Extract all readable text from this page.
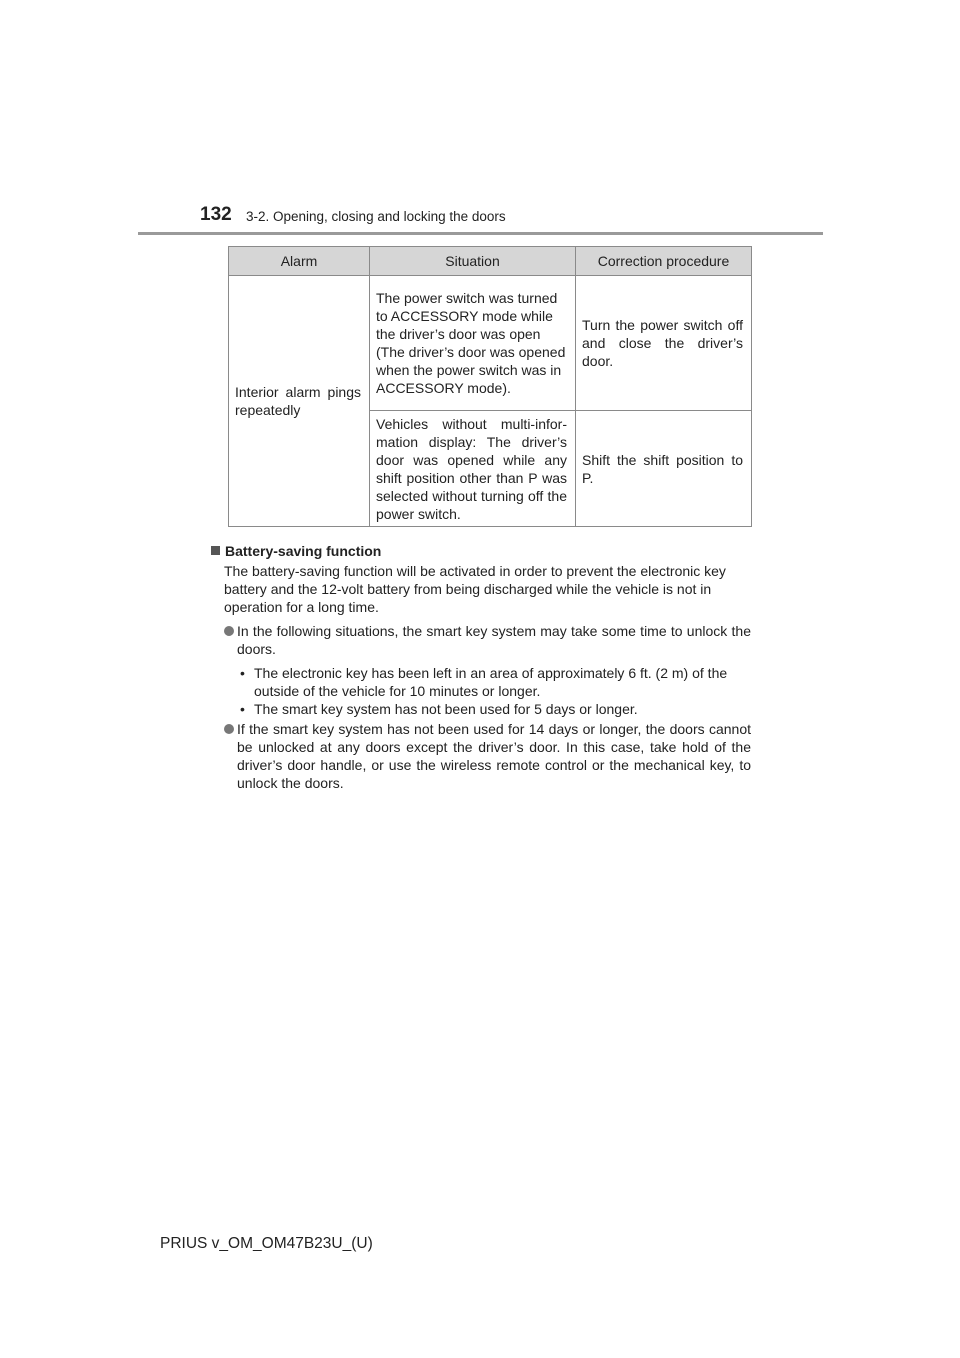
132 3-2. Opening, closing and locking the doors
Alarm	Situation	Correction procedure
Interior alarm pings repeatedly	The power switch was turned to ACCESSORY mode while the driver’s door was open (The driver’s door was opened when the power switch was in ACCESSORY mode).	Turn the power switch off and close the driver’s door.
	Vehicles without multi-infor-mation display: The driver’s door was opened while any shift position other than P was selected without turning off the power switch.	Shift the shift position to P.

Battery-saving function

The battery-saving function will be activated in order to prevent the electronic key battery and the 12-volt battery from being discharged while the vehicle is not in operation for a long time.

In the following situations, the smart key system may take some time to unlock the doors.
• The electronic key has been left in an area of approximately 6 ft. (2 m) of the outside of the vehicle for 10 minutes or longer.
• The smart key system has not been used for 5 days or longer.
If the smart key system has not been used for 14 days or longer, the doors cannot be unlocked at any doors except the driver’s door. In this case, take hold of the driver’s door handle, or use the wireless remote control or the mechanical key, to unlock the doors.
PRIUS v_OM_OM47B23U_(U)
